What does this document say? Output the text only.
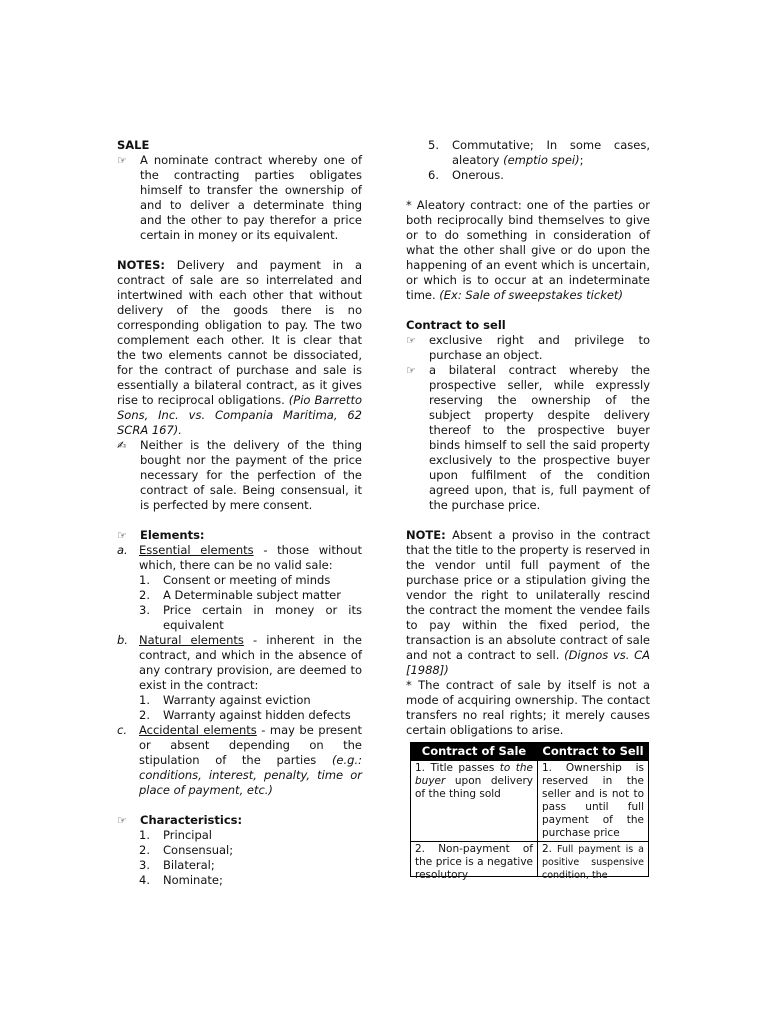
SALE

☞	A nominate contract whereby one of the contracting parties obligates himself to transfer the ownership of and to deliver a determinate thing and the other to pay therefor a price certain in money or its equivalent.

NOTES: Delivery and payment in a contract of sale are so interrelated and intertwined with each other that without delivery of the goods there is no corresponding obligation to pay. The two complement each other. It is clear that the two elements cannot be dissociated, for the contract of purchase and sale is essentially a bilateral contract, as it gives rise to reciprocal obligations. (Pio Barretto Sons, Inc. vs. Compania Maritima, 62 SCRA 167).

✍	Neither is the delivery of the thing bought nor the payment of the price necessary for the perfection of the contract of sale. Being consensual, it is perfected by mere consent.
☞	Elements:
a. Essential elements - those without which, there can be no valid sale:
1.	Consent or meeting of minds
2.	A Determinable subject matter
3.	Price certain in money or its equivalent
b. Natural elements - inherent in the contract, and which in the absence of any contrary provision, are deemed to exist in the contract:
1.	Warranty against eviction
2.	Warranty against hidden defects
c.	Accidental elements - may be present or absent depending on the stipulation of the parties (e.g.: conditions, interest, penalty, time or place of payment, etc.)
☞	Characteristics:
1.	Principal
2.	Consensual;
3.	Bilateral;
4.	Nominate;
5.	Commutative; In some cases, aleatory (emptio spei);
6.	Onerous.

* Aleatory contract: one of the parties or both reciprocally bind themselves to give or to do something in consideration of what the other shall give or do upon the happening of an event which is uncertain, or which is to occur at an indeterminate time. (Ex: Sale of sweepstakes ticket)

Contract to sell

☞	exclusive right and privilege to purchase an object.
☞	a bilateral contract whereby the prospective seller, while expressly reserving the ownership of the subject property despite delivery thereof to the prospective buyer binds himself to sell the said property exclusively to the prospective buyer upon fulfilment of the condition agreed upon, that is, full payment of the purchase price.

NOTE: Absent a proviso in the contract that the title to the property is reserved in the vendor until full payment of the purchase price or a stipulation giving the vendor the right to unilaterally rescind the contract the moment the vendee fails to pay within the fixed period, the transaction is an absolute contract of sale and not a contract to sell. (Dignos vs. CA [1988])

* The contract of sale by itself is not a mode of acquiring ownership. The contact transfers no real rights; it merely causes certain obligations to arise.

Contract of Sale	Contract to Sell
1. Title passes to the buyer upon delivery of the thing sold	1. Ownership is reserved in the seller and is not to pass until full payment of the purchase price

2. Non-payment of the price is a negative resolutory	2. Full payment is a positive suspensive condition, the
